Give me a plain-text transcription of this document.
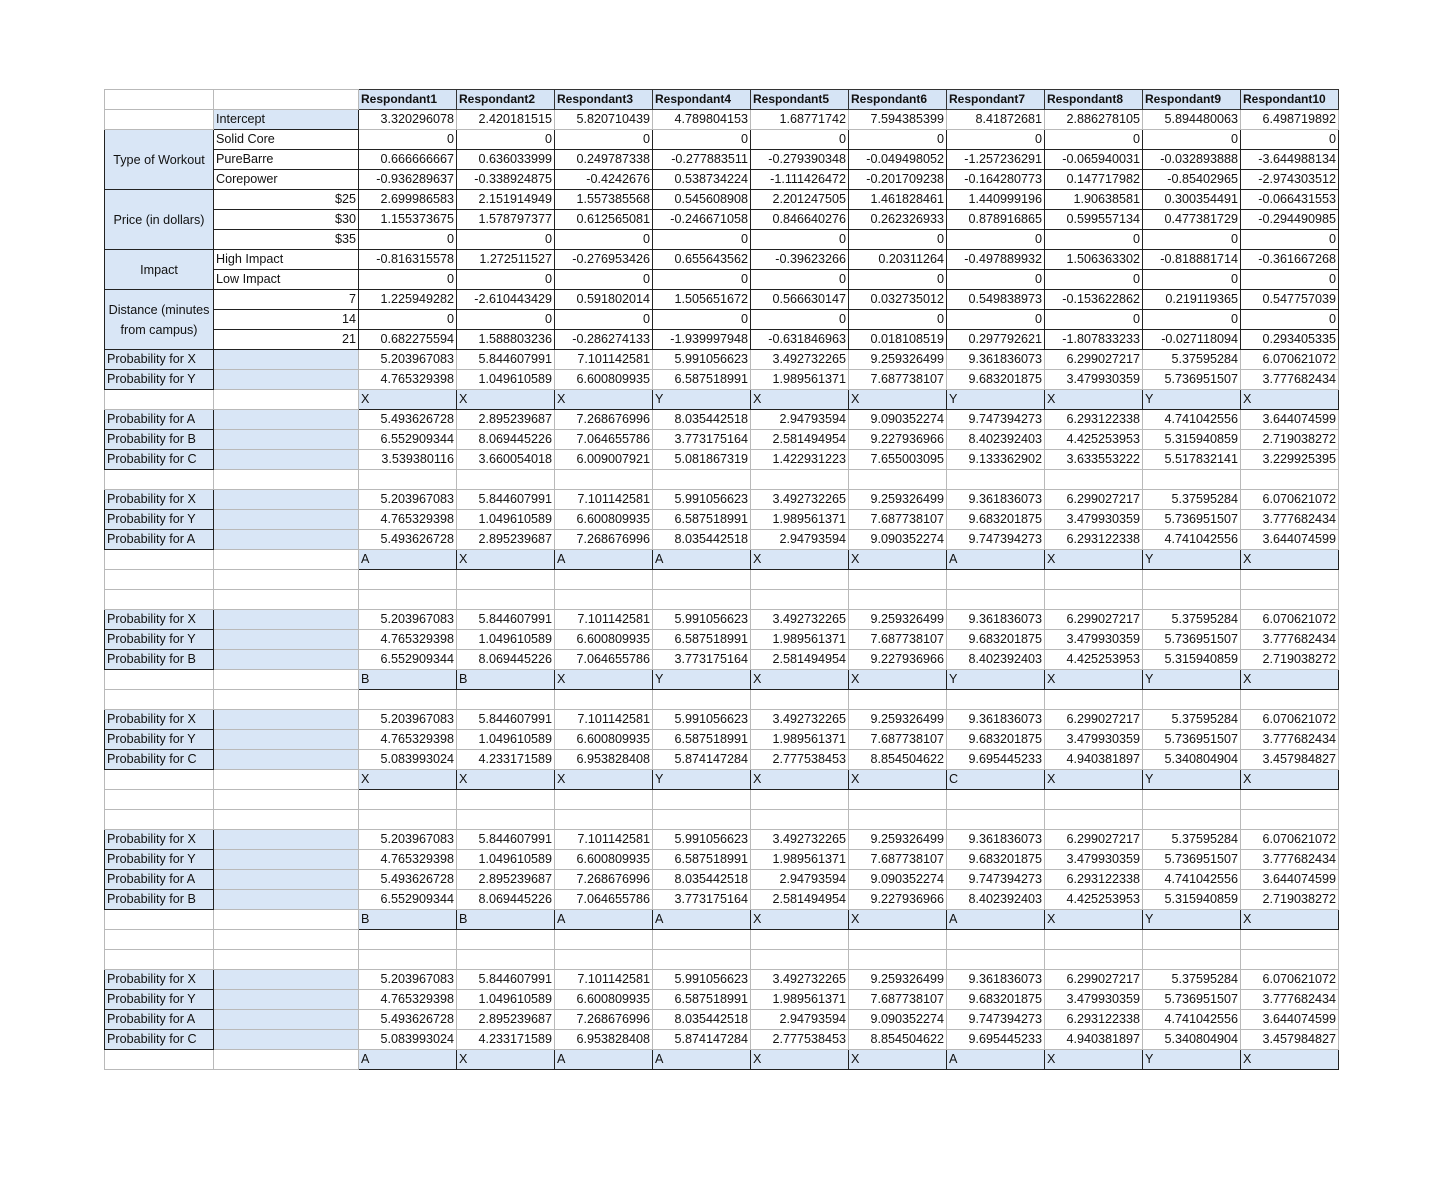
		Respondant1	Respondant2	Respondant3	Respondant4	Respondant5	Respondant6	Respondant7	Respondant8	Respondant9	Respondant10
	Intercept	3.320296078	2.420181515	5.820710439	4.789804153	1.68771742	7.594385399	8.41872681	2.886278105	5.894480063	6.498719892
Type of Workout	Solid Core	0	0	0	0	0	0	0	0	0	0
	PureBarre	0.666666667	0.636033999	0.249787338	-0.277883511	-0.279390348	-0.049498052	-1.257236291	-0.065940031	-0.032893888	-3.644988134
	Corepower	-0.936289637	-0.338924875	-0.4242676	0.538734224	-1.111426472	-0.201709238	-0.164280773	0.147717982	-0.85402965	-2.974303512
Price (in dollars)	$25	2.699986583	2.151914949	1.557385568	0.545608908	2.201247505	1.461828461	1.440999196	1.90638581	0.300354491	-0.066431553
	$30	1.155373675	1.578797377	0.612565081	-0.246671058	0.846640276	0.262326933	0.878916865	0.599557134	0.477381729	-0.294490985
	$35	0	0	0	0	0	0	0	0	0	0
Impact	High Impact	-0.816315578	1.272511527	-0.276953426	0.655643562	-0.39623266	0.20311264	-0.497889932	1.506363302	-0.818881714	-0.361667268
	Low Impact	0	0	0	0	0	0	0	0	0	0
Distance (minutes from campus)	7	1.225949282	-2.610443429	0.591802014	1.505651672	0.566630147	0.032735012	0.549838973	-0.153622862	0.219119365	0.547757039
	14	0	0	0	0	0	0	0	0	0	0
	21	0.682275594	1.588803236	-0.286274133	-1.939997948	-0.631846963	0.018108519	0.297792621	-1.807833233	-0.027118094	0.293405335
Probability for X		5.203967083	5.844607991	7.101142581	5.991056623	3.492732265	9.259326499	9.361836073	6.299027217	5.37595284	6.070621072
Probability for Y		4.765329398	1.049610589	6.600809935	6.587518991	1.989561371	7.687738107	9.683201875	3.479930359	5.736951507	3.777682434
		X	X	X	Y	X	X	Y	X	Y	X
Probability for A		5.493626728	2.895239687	7.268676996	8.035442518	2.94793594	9.090352274	9.747394273	6.293122338	4.741042556	3.644074599
Probability for B		6.552909344	8.069445226	7.064655786	3.773175164	2.581494954	9.227936966	8.402392403	4.425253953	5.315940859	2.719038272
Probability for C		3.539380116	3.660054018	6.009007921	5.081867319	1.422931223	7.655003095	9.133362902	3.633553222	5.517832141	3.229925395

Probability for X		5.203967083	5.844607991	7.101142581	5.991056623	3.492732265	9.259326499	9.361836073	6.299027217	5.37595284	6.070621072
Probability for Y		4.765329398	1.049610589	6.600809935	6.587518991	1.989561371	7.687738107	9.683201875	3.479930359	5.736951507	3.777682434
Probability for A		5.493626728	2.895239687	7.268676996	8.035442518	2.94793594	9.090352274	9.747394273	6.293122338	4.741042556	3.644074599
		A	X	A	A	X	X	A	X	Y	X

Probability for X		5.203967083	5.844607991	7.101142581	5.991056623	3.492732265	9.259326499	9.361836073	6.299027217	5.37595284	6.070621072
Probability for Y		4.765329398	1.049610589	6.600809935	6.587518991	1.989561371	7.687738107	9.683201875	3.479930359	5.736951507	3.777682434
Probability for B		6.552909344	8.069445226	7.064655786	3.773175164	2.581494954	9.227936966	8.402392403	4.425253953	5.315940859	2.719038272
		B	B	X	Y	X	X	Y	X	Y	X

Probability for X		5.203967083	5.844607991	7.101142581	5.991056623	3.492732265	9.259326499	9.361836073	6.299027217	5.37595284	6.070621072
Probability for Y		4.765329398	1.049610589	6.600809935	6.587518991	1.989561371	7.687738107	9.683201875	3.479930359	5.736951507	3.777682434
Probability for C		5.083993024	4.233171589	6.953828408	5.874147284	2.777538453	8.854504622	9.695445233	4.940381897	5.340804904	3.457984827
		X	X	X	Y	X	X	C	X	Y	X

Probability for X		5.203967083	5.844607991	7.101142581	5.991056623	3.492732265	9.259326499	9.361836073	6.299027217	5.37595284	6.070621072
Probability for Y		4.765329398	1.049610589	6.600809935	6.587518991	1.989561371	7.687738107	9.683201875	3.479930359	5.736951507	3.777682434
Probability for A		5.493626728	2.895239687	7.268676996	8.035442518	2.94793594	9.090352274	9.747394273	6.293122338	4.741042556	3.644074599
Probability for B		6.552909344	8.069445226	7.064655786	3.773175164	2.581494954	9.227936966	8.402392403	4.425253953	5.315940859	2.719038272
		B	B	A	A	X	X	A	X	Y	X

Probability for X		5.203967083	5.844607991	7.101142581	5.991056623	3.492732265	9.259326499	9.361836073	6.299027217	5.37595284	6.070621072
Probability for Y		4.765329398	1.049610589	6.600809935	6.587518991	1.989561371	7.687738107	9.683201875	3.479930359	5.736951507	3.777682434
Probability for A		5.493626728	2.895239687	7.268676996	8.035442518	2.94793594	9.090352274	9.747394273	6.293122338	4.741042556	3.644074599
Probability for C		5.083993024	4.233171589	6.953828408	5.874147284	2.777538453	8.854504622	9.695445233	4.940381897	5.340804904	3.457984827
		A	X	A	A	X	X	A	X	Y	X
